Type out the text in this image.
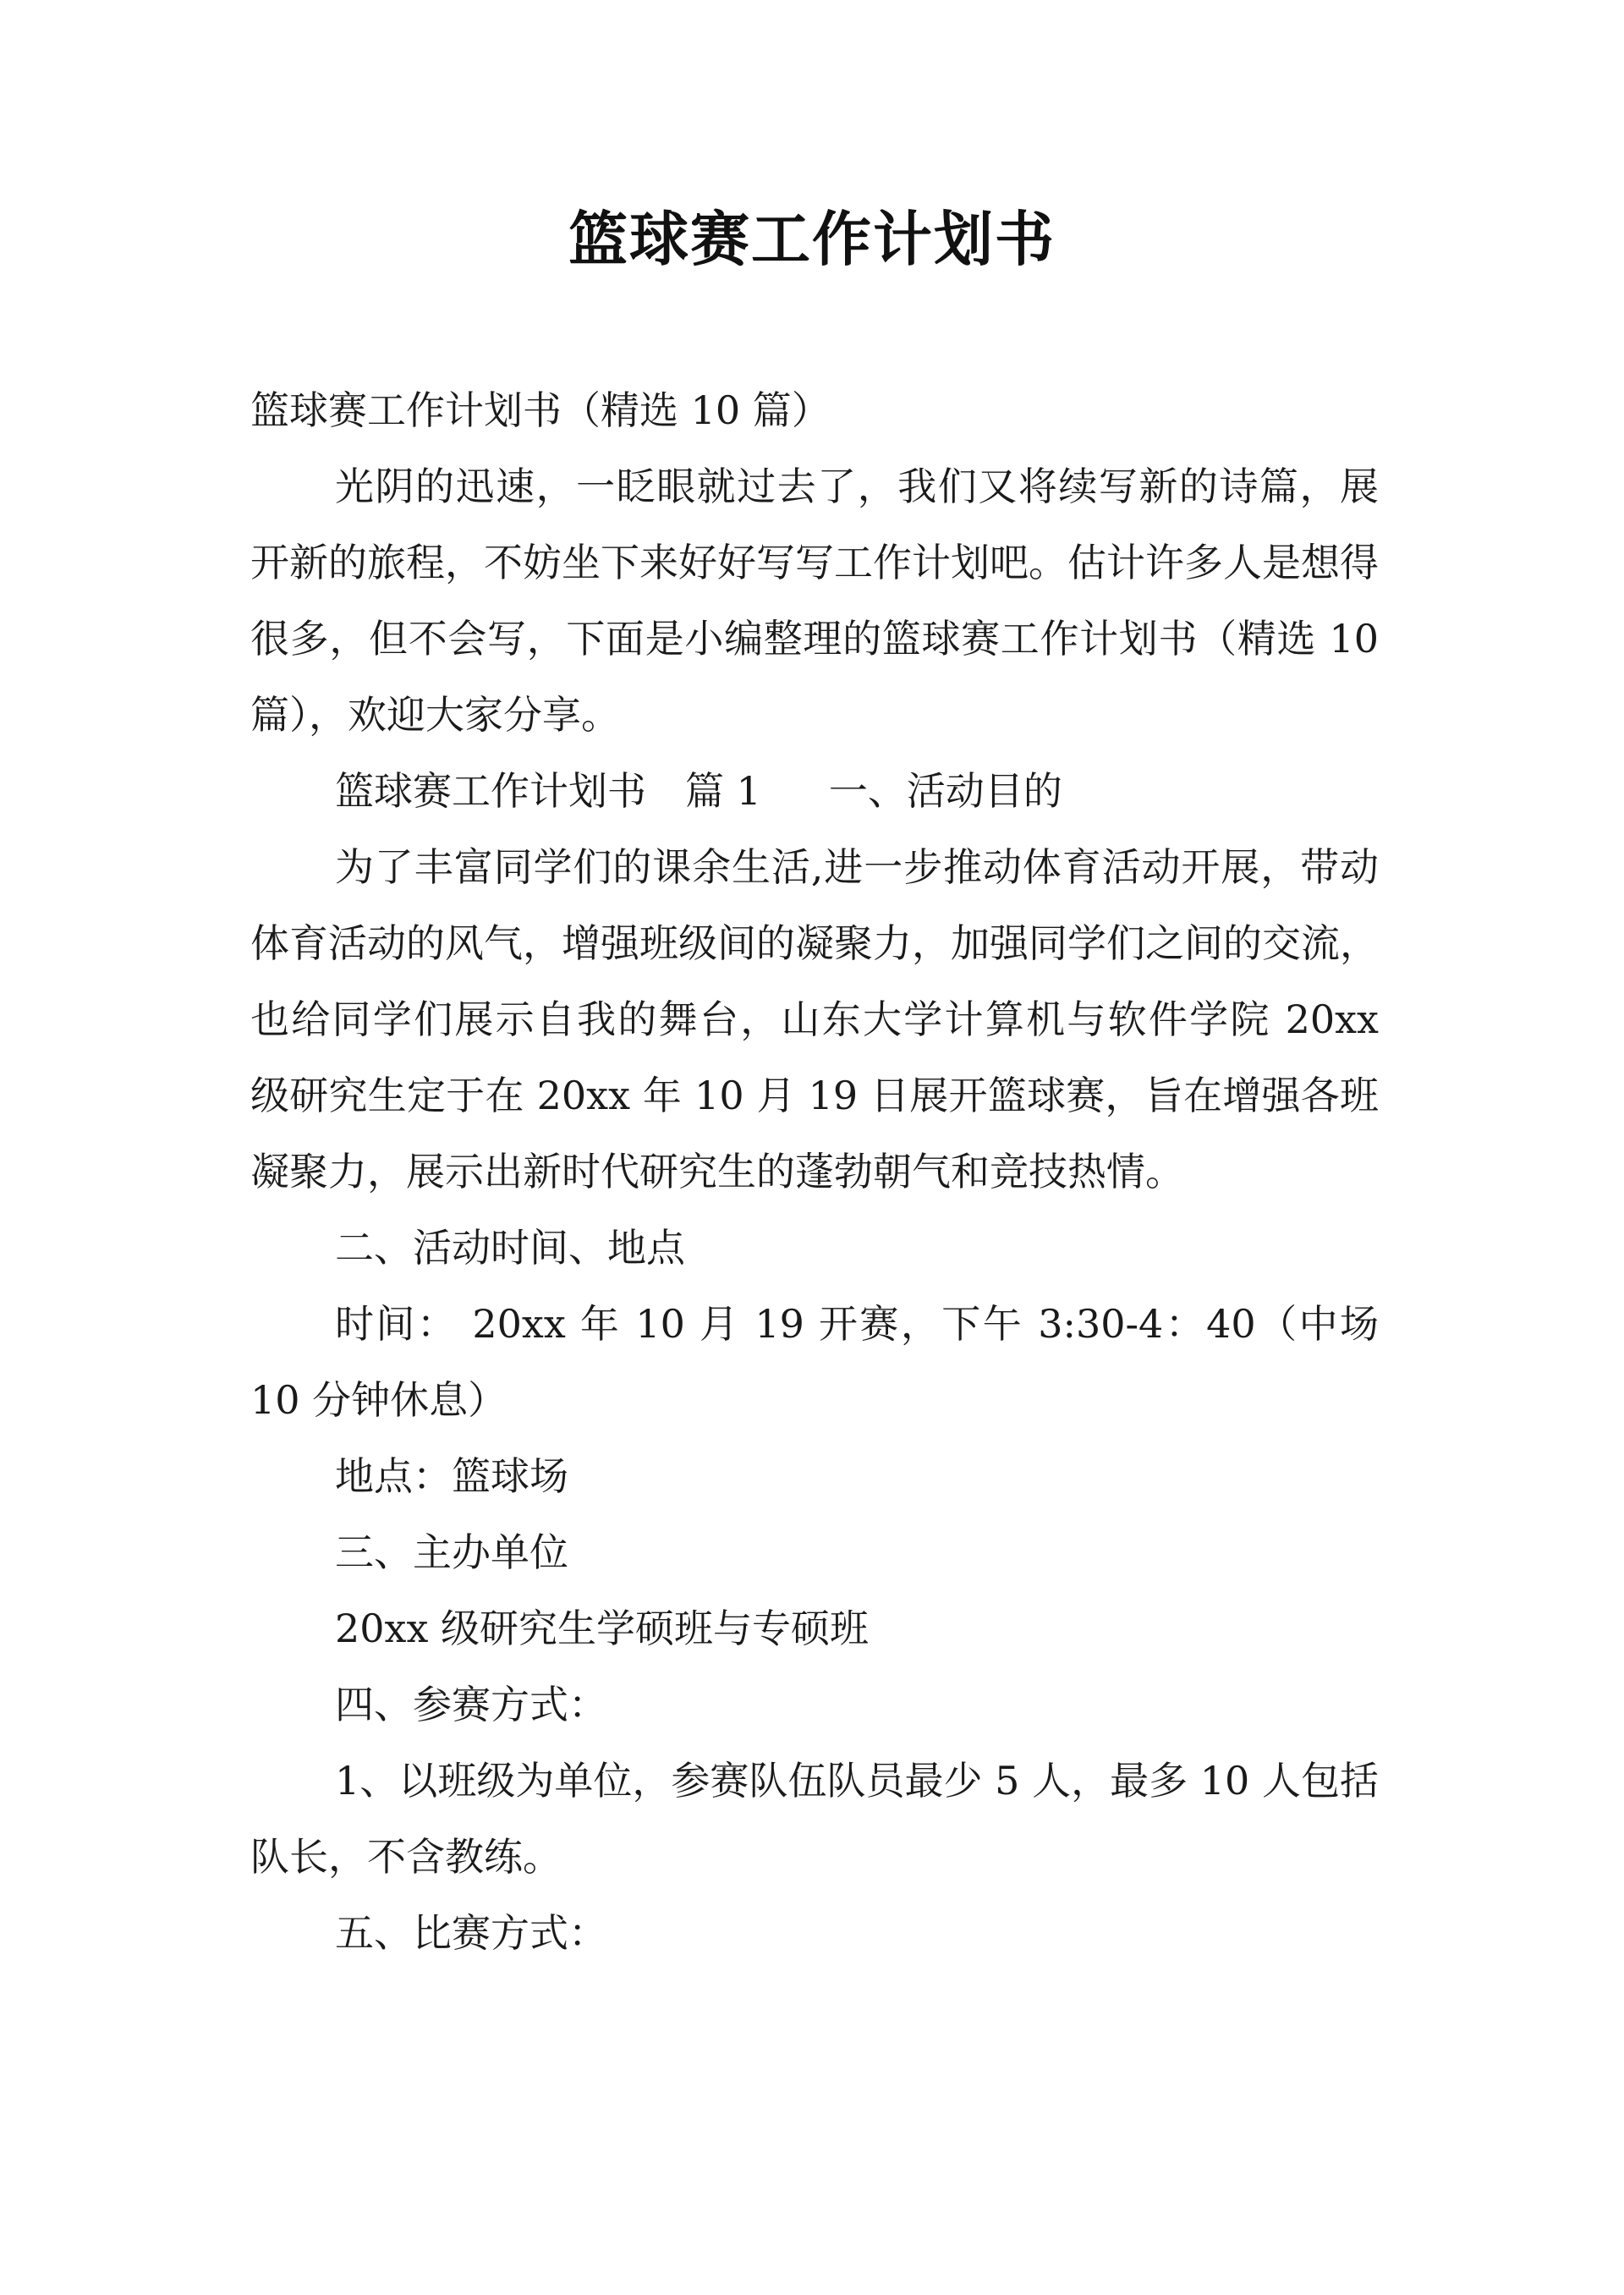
篮球赛工作计划书

篮球赛工作计划书（精选 10 篇）

光阴的迅速，一眨眼就过去了，我们又将续写新的诗篇，展开新的旅程，不妨坐下来好好写写工作计划吧。估计许多人是想得很多，但不会写，下面是小编整理的篮球赛工作计划书（精选 10 篇），欢迎大家分享。

篮球赛工作计划书　篇 1 一、活动目的

为了丰富同学们的课余生活,进一步推动体育活动开展，带动体育活动的风气，增强班级间的凝聚力，加强同学们之间的交流，也给同学们展示自我的舞台，山东大学计算机与软件学院 20xx 级研究生定于在 20xx 年 10 月 19 日展开篮球赛，旨在增强各班凝聚力，展示出新时代研究生的蓬勃朝气和竞技热情。

二、活动时间、地点

时间： 20xx 年 10 月 19 开赛，下午 3:30-4：40（中场 10 分钟休息）

地点：篮球场

三、主办单位

20xx 级研究生学硕班与专硕班

四、参赛方式：

1、以班级为单位，参赛队伍队员最少 5 人，最多 10 人包括队长，不含教练。

五、比赛方式：
